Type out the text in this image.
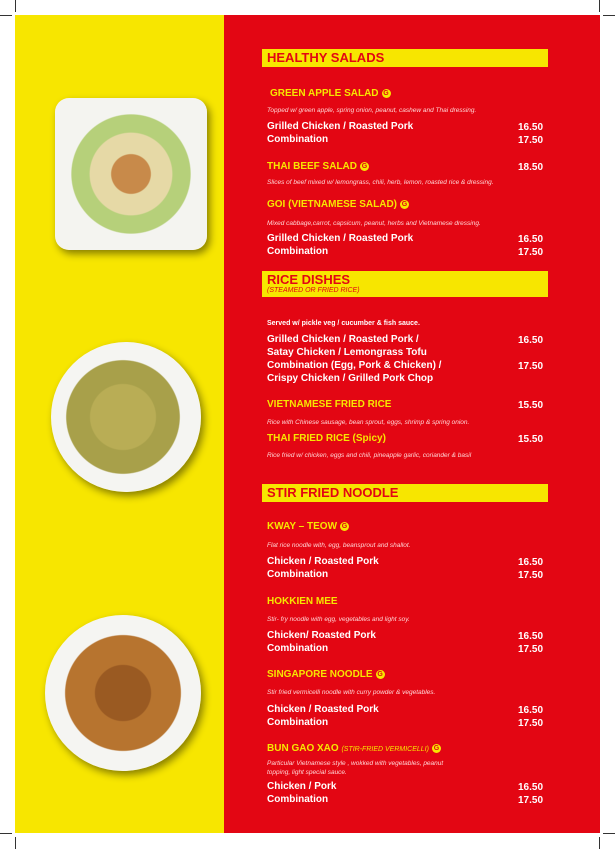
HEALTHY SALADS
GREEN APPLE SALAD G
Topped w/ green apple, spring onion, peanut, cashew and Thai dressing.
Grilled Chicken / Roasted Pork	16.50
Combination	17.50
THAI BEEF SALAD G	18.50
Slices of beef mixed w/ lemongrass, chili, herb, lemon, roasted rice & dressing.
GOI (VIETNAMESE SALAD) G
Mixed cabbage,carrot, capsicum, peanut, herbs and Vietnamese dressing.
Grilled Chicken / Roasted Pork	16.50
Combination	17.50
RICE DISHES
(STEAMED OR FRIED RICE)
Served w/ pickle veg / cucumber & fish sauce.
Grilled Chicken / Roasted Pork /	16.50
Satay Chicken / Lemongrass Tofu
Combination (Egg, Pork & Chicken) /	17.50
Crispy Chicken / Grilled Pork Chop
VIETNAMESE FRIED RICE	15.50
Rice with Chinese sausage, bean sprout, eggs, shrimp & spring onion.
THAI FRIED RICE (Spicy)	15.50
Rice fried w/ chicken, eggs and chili, pineapple garlic, coriander & basil
STIR FRIED NOODLE
KWAY – TEOW G
Flat rice noodle with, egg, beansprout and shallot.
Chicken / Roasted Pork	16.50
Combination	17.50
HOKKIEN MEE
Stir- fry noodle with egg, vegetables and light soy.
Chicken/ Roasted Pork	16.50
Combination	17.50
SINGAPORE NOODLE G
Stir fried vermicelli noodle with curry powder & vegetables.
Chicken / Roasted Pork	16.50
Combination	17.50
BUN GAO XAO (STIR-FRIED VERMICELLI) G
Particular Vietnamese style , wokked with vegetables, peanut
topping, light special sauce.
Chicken / Pork	16.50
Combination	17.50
